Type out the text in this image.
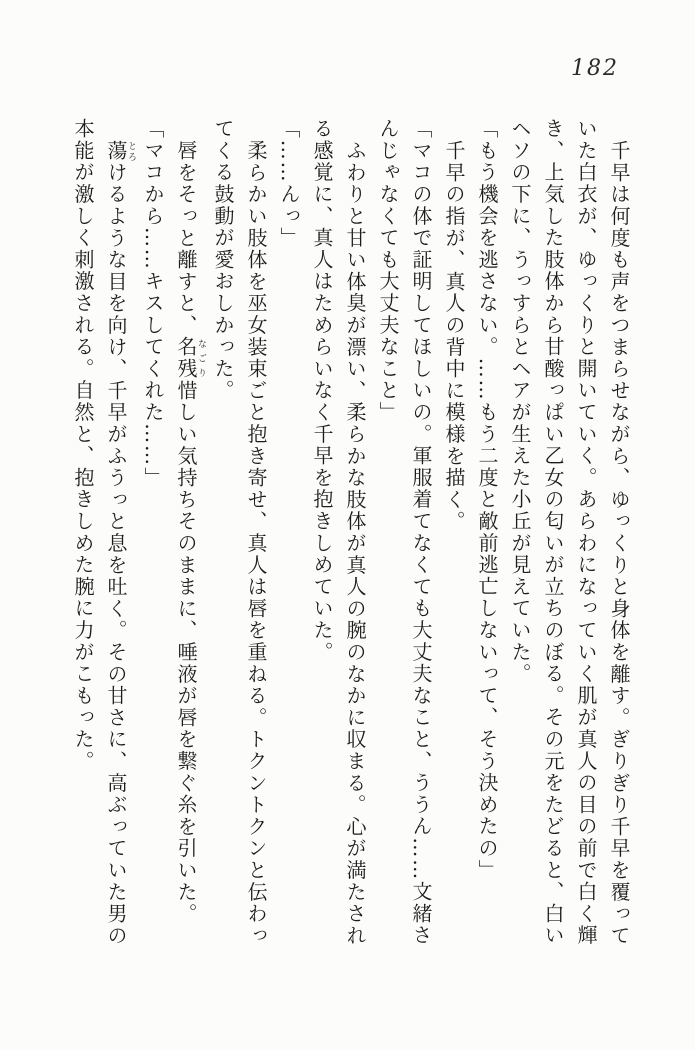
182

千早は何度も声をつまらせながら、ゆっくりと身体を離す。ぎりぎり千早を覆っていた白衣が、ゆっくりと開いていく。あらわになっていく肌が真人の目の前で白く輝き、上気した肢体から甘酸っぱい乙女の匂いが立ちのぼる。その元をたどると、白いヘソの下に、うっすらとヘアが生えた小丘が見えていた。

「もう機会を逃さない。……もう二度と敵前逃亡しないって、そう決めたの」

千早の指が、真人の背中に模様を描く。

「マコの体で証明してほしいの。軍服着てなくても大丈夫なこと、ううん……文緒さんじゃなくても大丈夫なこと」

ふわりと甘い体臭が漂い、柔らかな肢体が真人の腕のなかに収まる。心が満たされる感覚に、真人はためらいなく千早を抱きしめていた。

「……んっ」

柔らかい肢体を巫女装束ごと抱き寄せ、真人は唇を重ねる。トクントクンと伝わってくる鼓動が愛おしかった。

唇をそっと離すと、名残なごり惜しい気持ちそのままに、唾液が唇を繋ぐ糸を引いた。

「マコから……キスしてくれた……」

蕩とろけるような目を向け、千早がふうっと息を吐く。その甘さに、高ぶっていた男の本能が激しく刺激される。自然と、抱きしめた腕に力がこもった。
